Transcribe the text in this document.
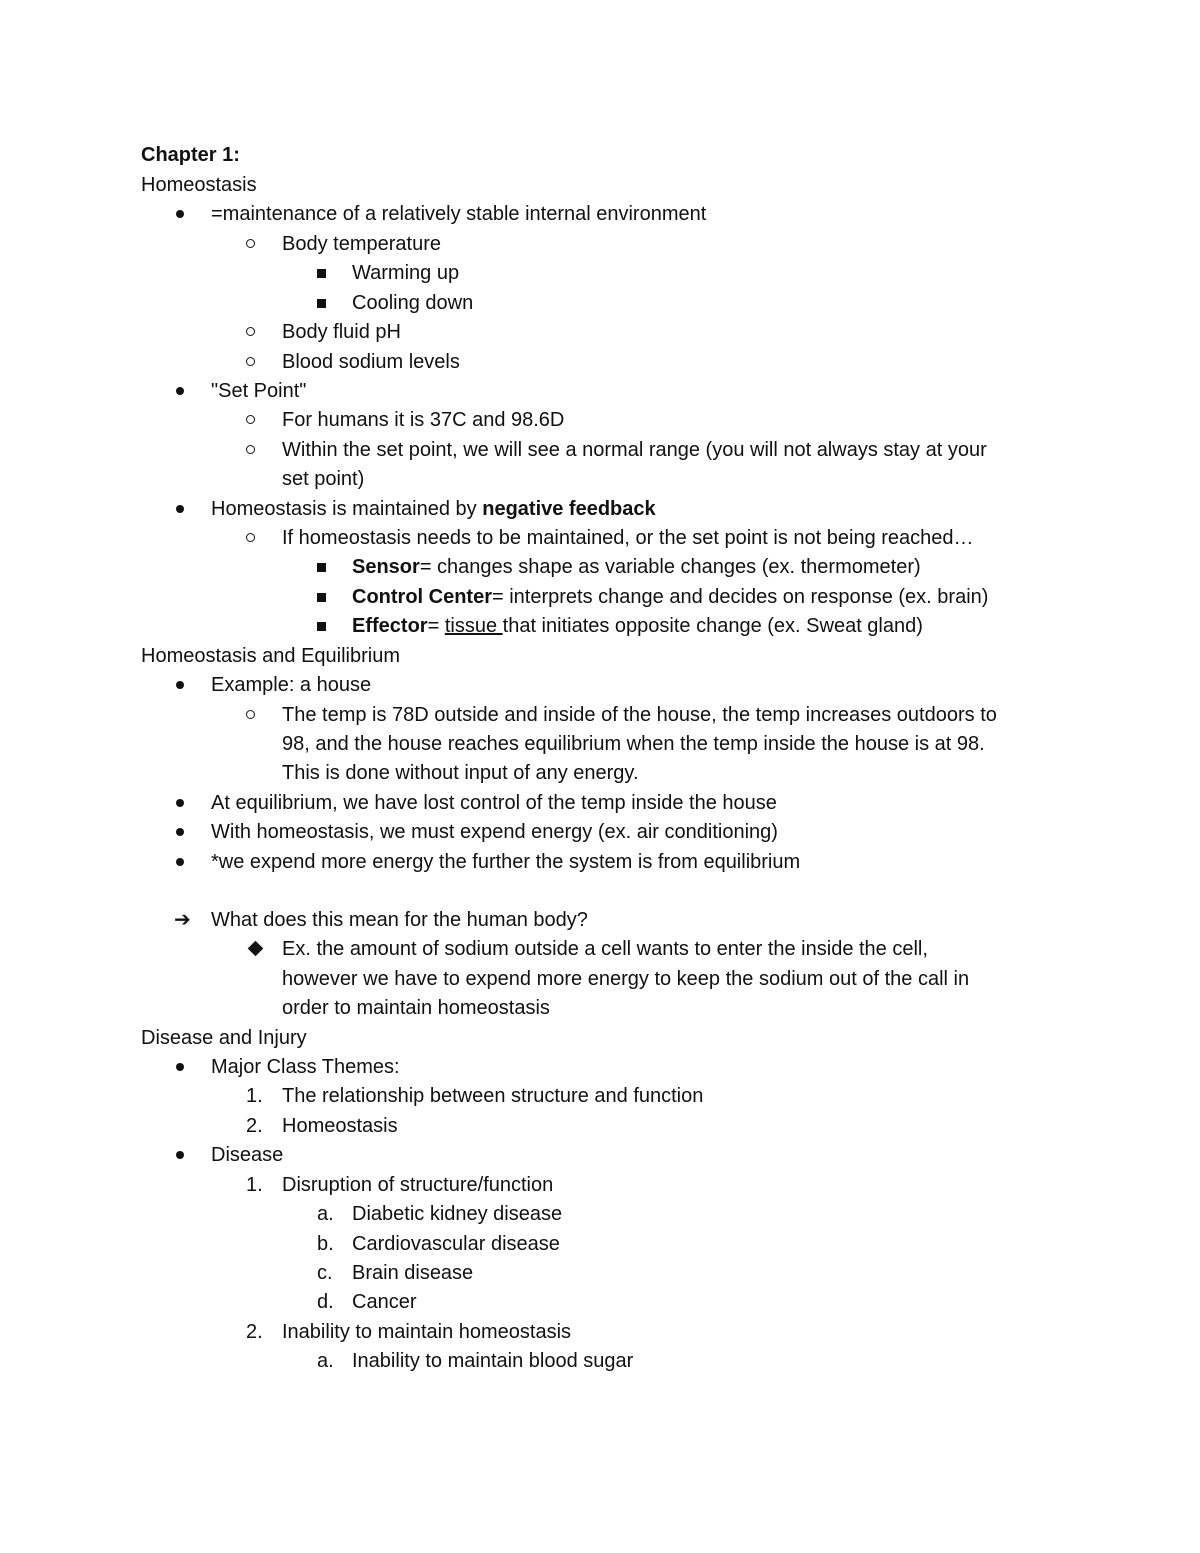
Chapter 1:
Homeostasis
=maintenance of a relatively stable internal environment
Body temperature
Warming up
Cooling down
Body fluid pH
Blood sodium levels
"Set Point"
For humans it is 37C and 98.6D
Within the set point, we will see a normal range (you will not always stay at your
set point)
Homeostasis is maintained by negative feedback
If homeostasis needs to be maintained, or the set point is not being reached…
Sensor= changes shape as variable changes (ex. thermometer)
Control Center= interprets change and decides on response (ex. brain)
Effector= tissue that initiates opposite change (ex. Sweat gland)
Homeostasis and Equilibrium
Example: a house
The temp is 78D outside and inside of the house, the temp increases outdoors to
98, and the house reaches equilibrium when the temp inside the house is at 98.
This is done without input of any energy.
At equilibrium, we have lost control of the temp inside the house
With homeostasis, we must expend energy (ex. air conditioning)
*we expend more energy the further the system is from equilibrium
➔ What does this mean for the human body?
Ex. the amount of sodium outside a cell wants to enter the inside the cell,
however we have to expend more energy to keep the sodium out of the call in
order to maintain homeostasis
Disease and Injury
Major Class Themes:
1. The relationship between structure and function
2. Homeostasis
Disease
1. Disruption of structure/function
a. Diabetic kidney disease
b. Cardiovascular disease
c. Brain disease
d. Cancer
2. Inability to maintain homeostasis
a. Inability to maintain blood sugar
